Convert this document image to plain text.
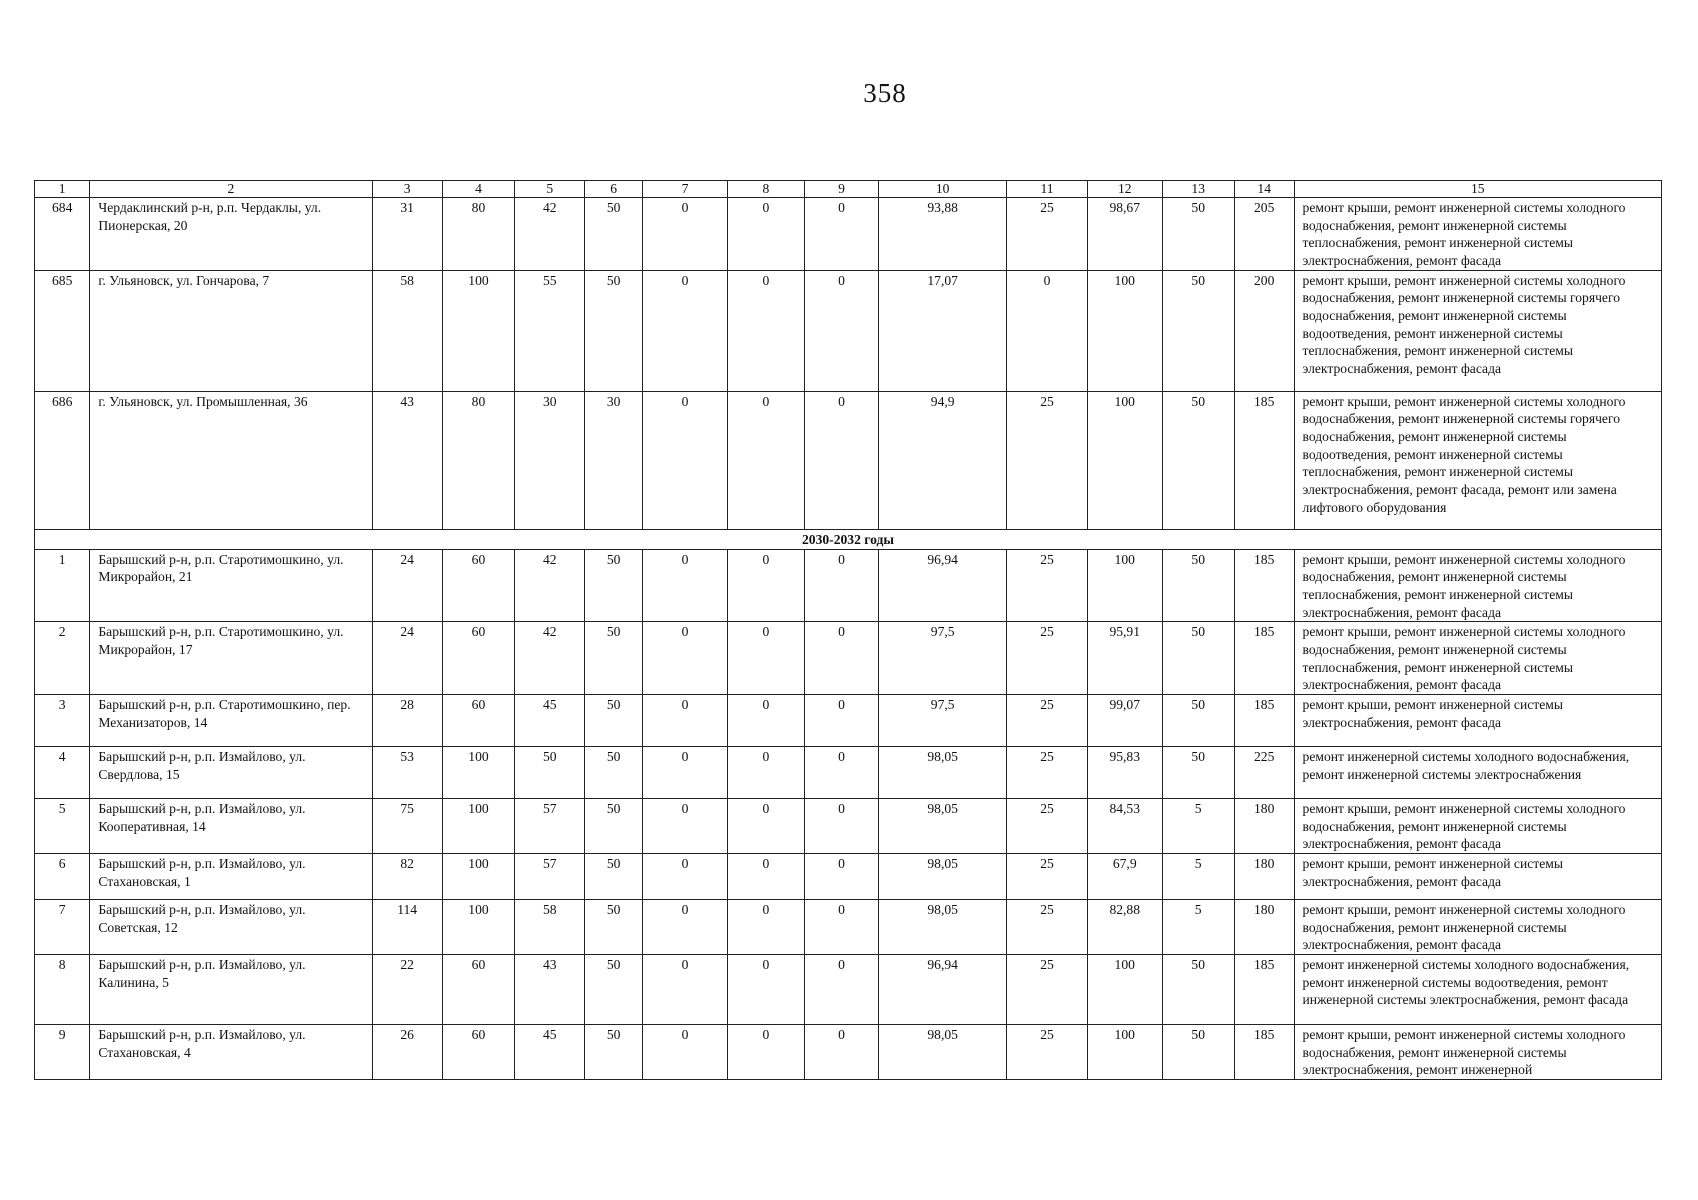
358
1	2	3	4	5	6	7	8	9	10	11	12	13	14	15
684	Чердаклинский р-н, р.п. Чердаклы, ул. Пионерская, 20	31	80	42	50	0	0	0	93,88	25	98,67	50	205	ремонт крыши, ремонт инженерной системы холодного водоснабжения, ремонт инженерной системы теплоснабжения, ремонт инженерной системы электроснабжения, ремонт фасада
685	г. Ульяновск, ул. Гончарова, 7	58	100	55	50	0	0	0	17,07	0	100	50	200	ремонт крыши, ремонт инженерной системы холодного водоснабжения, ремонт инженерной системы горячего водоснабжения, ремонт инженерной системы водоотведения, ремонт инженерной системы теплоснабжения, ремонт инженерной системы электроснабжения, ремонт фасада
686	г. Ульяновск, ул. Промышленная, 36	43	80	30	30	0	0	0	94,9	25	100	50	185	ремонт крыши, ремонт инженерной системы холодного водоснабжения, ремонт инженерной системы горячего водоснабжения, ремонт инженерной системы водоотведения, ремонт инженерной системы теплоснабжения, ремонт инженерной системы электроснабжения, ремонт фасада, ремонт или замена лифтового оборудования
2030-2032 годы														
1	Барышский р-н, р.п. Старотимошкино, ул. Микрорайон, 21	24	60	42	50	0	0	0	96,94	25	100	50	185	ремонт крыши, ремонт инженерной системы холодного водоснабжения, ремонт инженерной системы теплоснабжения, ремонт инженерной системы электроснабжения, ремонт фасада
2	Барышский р-н, р.п. Старотимошкино, ул. Микрорайон, 17	24	60	42	50	0	0	0	97,5	25	95,91	50	185	ремонт крыши, ремонт инженерной системы холодного водоснабжения, ремонт инженерной системы теплоснабжения, ремонт инженерной системы электроснабжения, ремонт фасада
3	Барышский р-н, р.п. Старотимошкино, пер. Механизаторов, 14	28	60	45	50	0	0	0	97,5	25	99,07	50	185	ремонт крыши, ремонт инженерной системы электроснабжения, ремонт фасада
4	Барышский р-н, р.п. Измайлово, ул. Свердлова, 15	53	100	50	50	0	0	0	98,05	25	95,83	50	225	ремонт инженерной системы холодного водоснабжения, ремонт инженерной системы электроснабжения
5	Барышский р-н, р.п. Измайлово, ул. Кооперативная, 14	75	100	57	50	0	0	0	98,05	25	84,53	5	180	ремонт крыши, ремонт инженерной системы холодного водоснабжения, ремонт инженерной системы электроснабжения, ремонт фасада
6	Барышский р-н, р.п. Измайлово, ул. Стахановская, 1	82	100	57	50	0	0	0	98,05	25	67,9	5	180	ремонт крыши, ремонт инженерной системы электроснабжения, ремонт фасада
7	Барышский р-н, р.п. Измайлово, ул. Советская, 12	114	100	58	50	0	0	0	98,05	25	82,88	5	180	ремонт крыши, ремонт инженерной системы холодного водоснабжения, ремонт инженерной системы электроснабжения, ремонт фасада
8	Барышский р-н, р.п. Измайлово, ул. Калинина, 5	22	60	43	50	0	0	0	96,94	25	100	50	185	ремонт инженерной системы холодного водоснабжения, ремонт инженерной системы водоотведения, ремонт инженерной системы электроснабжения, ремонт фасада
9	Барышский р-н, р.п. Измайлово, ул. Стахановская, 4	26	60	45	50	0	0	0	98,05	25	100	50	185	ремонт крыши, ремонт инженерной системы холодного водоснабжения, ремонт инженерной системы электроснабжения, ремонт инженерной
